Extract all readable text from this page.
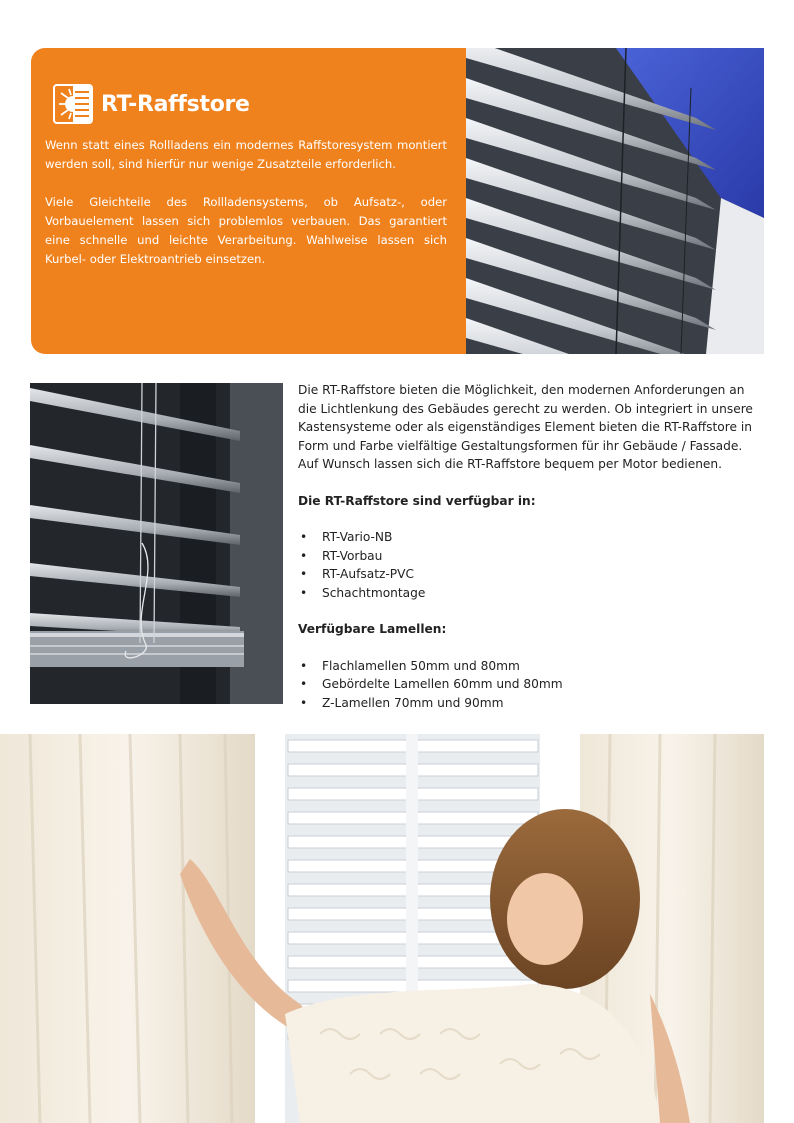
RT-Raffstore

Wenn statt eines Rollladens ein modernes Raffstoresystem montiert werden soll, sind hierfür nur wenige Zusatzteile erforderlich.

Viele Gleichteile des Rollladensystems, ob Aufsatz-, oder Vorbauelement lassen sich problemlos verbauen. Das garantiert eine schnelle und leichte Verarbeitung. Wahlweise lassen sich Kurbel- oder Elektroantrieb einsetzen.

Die RT-Raffstore bieten die Möglichkeit, den modernen Anforderungen an die Lichtlenkung des Gebäudes gerecht zu werden. Ob integriert in unsere Kastensysteme oder als eigenständiges Element bieten die RT-Raffstore in Form und Farbe vielfältige Gestaltungsformen für ihr Gebäude / Fassade. Auf Wunsch lassen sich die RT-Raffstore bequem per Motor bedienen.

Die RT-Raffstore sind verfügbar in:
• RT-Vario-NB
• RT-Vorbau
• RT-Aufsatz-PVC
• Schachtmontage
Verfügbare Lamellen:
• Flachlamellen 50mm und 80mm
• Gebördelte Lamellen 60mm und 80mm
• Z-Lamellen 70mm und 90mm
